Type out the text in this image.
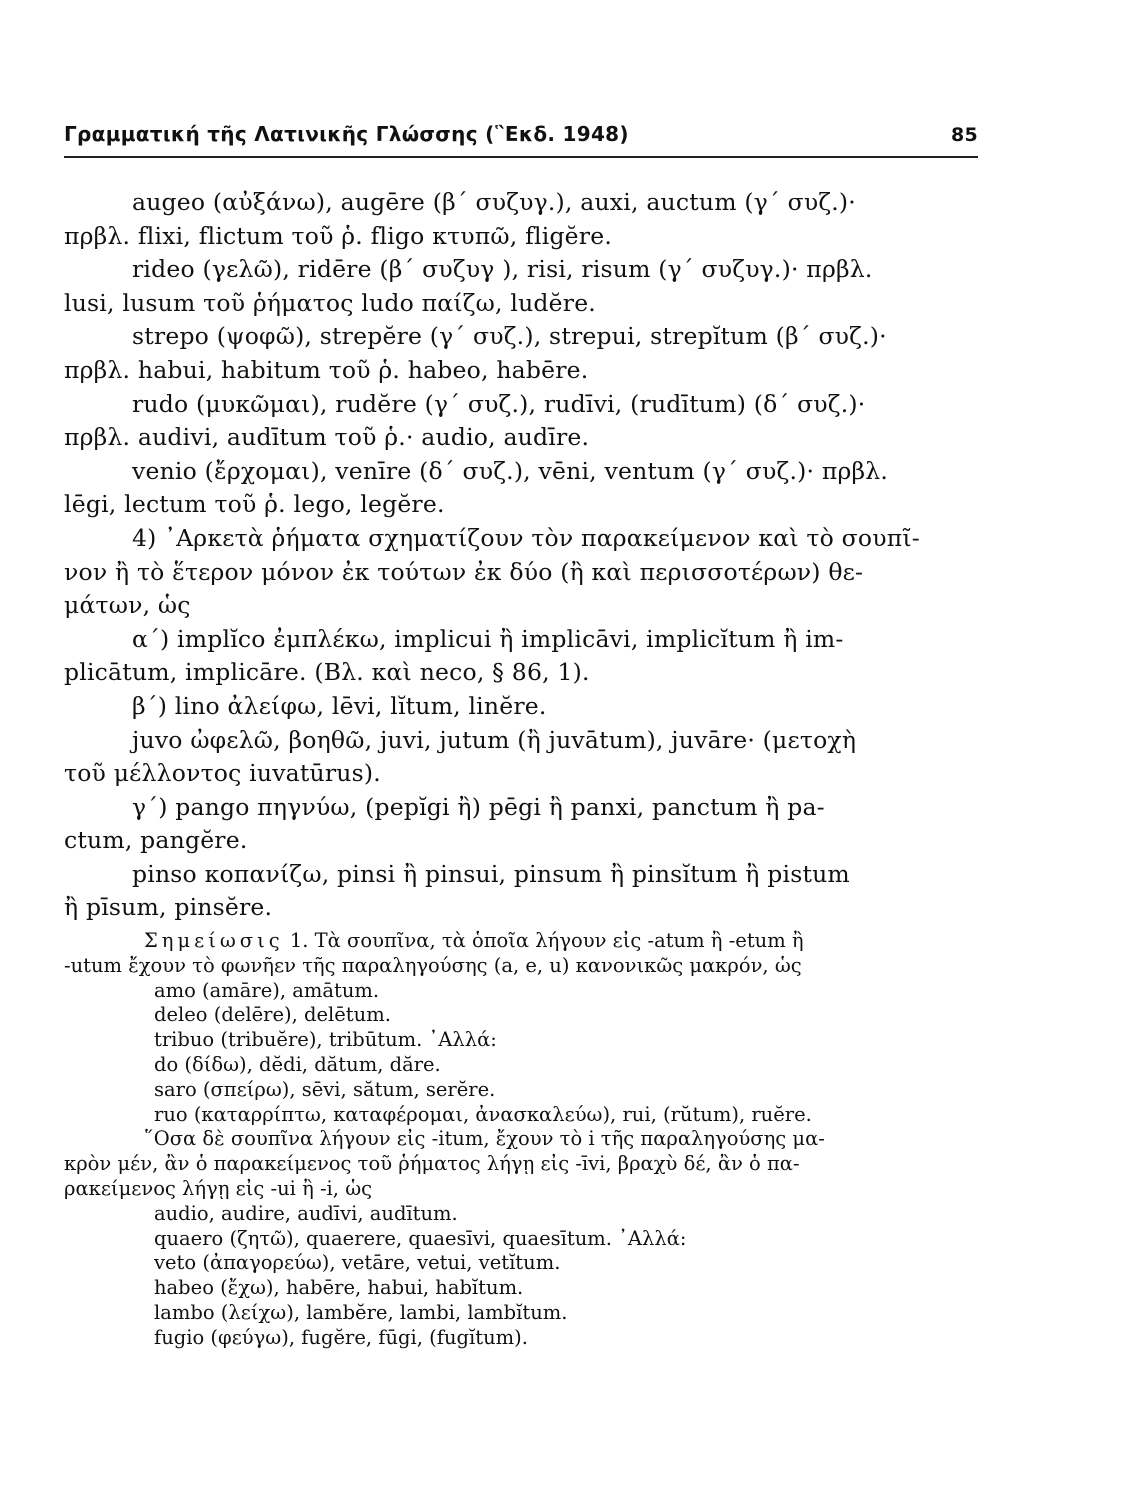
Γραμματική τῆς Λατινικῆς Γλώσσης (῝Εκδ. 1948)	85
augeo (αὐξάνω), augēre (β΄ συζυγ.), auxi, auctum (γ΄ συζ.)·
πρβλ. flixi, flictum τοῦ ῥ. fligo κτυπῶ, fligĕre.
rideo (γελῶ), ridēre (β΄ συζυγ ), risi, risum (γ΄ συζυγ.)· πρβλ.
lusi, lusum τοῦ ῥήματος ludo παίζω, ludĕre.
strepo (ψοφῶ), strepĕre (γ΄ συζ.), strepui, strepĭtum (β΄ συζ.)·
πρβλ. habui, habitum τοῦ ῥ. habeo, habēre.
rudo (μυκῶμαι), rudĕre (γ΄ συζ.), rudīvi, (rudītum) (δ΄ συζ.)·
πρβλ. audivi, audītum τοῦ ῥ.· audio, audīre.
venio (ἔρχομαι), venīre (δ΄ συζ.), vēni, ventum (γ΄ συζ.)· πρβλ.
lēgi, lectum τοῦ ῥ. lego, legĕre.
4) ᾿Αρκετὰ ῥήματα σχηματίζουν τὸν παρακείμενον καὶ τὸ σουπῖ-
νον ἢ τὸ ἕτερον μόνον ἐκ τούτων ἐκ δύο (ἢ καὶ περισσοτέρων) θε-
μάτων, ὡς
α΄) implĭco ἐμπλέκω, implicui ἢ implicāvi, implicĭtum ἢ im-
plicātum, implicāre. (Βλ. καὶ neco, § 86, 1).
β΄) lino ἀλείφω, lēvi, lĭtum, linĕre.
juvo ὠφελῶ, βοηθῶ, juvi, jutum (ἢ juvātum), juvāre· (μετοχὴ
τοῦ μέλλοντος iuvatūrus).
γ΄) pango πηγνύω, (pepĭgi ἢ) pēgi ἢ panxi, panctum ἢ pa-
ctum, pangĕre.
pinso κοπανίζω, pinsi ἢ pinsui, pinsum ἢ pinsĭtum ἢ pistum
ἢ pīsum, pinsĕre.
Σημείωσις 1. Τὰ σουπῖνα, τὰ ὁποῖα λήγουν εἰς -atum ἢ -etum ἢ
-utum ἔχουν τὸ φωνῆεν τῆς παραληγούσης (a, e, u) κανονικῶς μακρόν, ὡς
amo (amāre), amātum.
deleo (delēre), delētum.
tribuo (tribuĕre), tribūtum. ᾿Αλλά:
do (δίδω), dĕdi, dătum, dăre.
saro (σπείρω), sēvi, sătum, serĕre.
ruo (καταρρίπτω, καταφέρομαι, ἀνασκαλεύω), rui, (rŭtum), ruĕre.
῞Οσα δὲ σουπῖνα λήγουν εἰς -itum, ἔχουν τὸ i τῆς παραληγούσης μα-
κρὸν μέν, ἂν ὁ παρακείμενος τοῦ ῥήματος λήγῃ εἰς -īvi, βραχὺ δέ, ἂν ὁ πα-
ρακείμενος λήγῃ εἰς -ui ἢ -i, ὡς
audio, audire, audīvi, audītum.
quaero (ζητῶ), quaerere, quaesīvi, quaesītum. ᾿Αλλά:
veto (ἀπαγορεύω), vetāre, vetui, vetĭtum.
habeo (ἔχω), habēre, habui, habĭtum.
lambo (λείχω), lambĕre, lambi, lambĭtum.
fugio (φεύγω), fugĕre, fūgi, (fugĭtum).
